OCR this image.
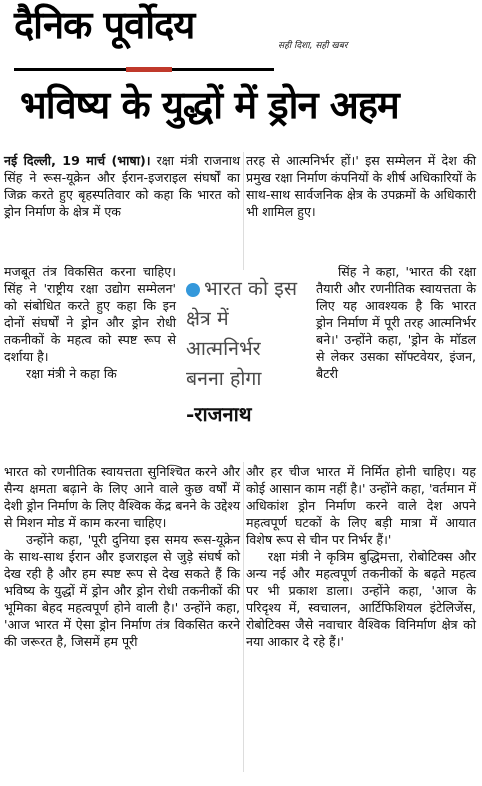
दैनिक पूर्वोदय	सही दिशा, सही खबर
भविष्य के युद्धों में ड्रोन अहम

नई दिल्ली, 19 मार्च (भाषा)। रक्षा मंत्री राजनाथ सिंह ने रूस-यूक्रेन और ईरान-इजराइल संघर्षों का जिक्र करते हुए बृहस्पतिवार को कहा कि भारत को ड्रोन निर्माण के क्षेत्र में एक

तरह से आत्मनिर्भर हों।' इस सम्मेलन में देश की प्रमुख रक्षा निर्माण कंपनियों के शीर्ष अधिकारियों के साथ-साथ सार्वजनिक क्षेत्र के उपक्रमों के अधिकारी भी शामिल हुए।

मजबूत तंत्र विकसित करना चाहिए। सिंह ने 'राष्ट्रीय रक्षा उद्योग सम्मेलन' को संबोधित करते हुए कहा कि इन दोनों संघर्षों ने ड्रोन और ड्रोन रोधी तकनीकों के महत्व को स्पष्ट रूप से दर्शाया है।

रक्षा मंत्री ने कहा कि

भारत को इस क्षेत्र में आत्मनिर्भर बनना होगा
-राजनाथ

सिंह ने कहा, 'भारत की रक्षा तैयारी और रणनीतिक स्वायत्तता के लिए यह आवश्यक है कि भारत ड्रोन निर्माण में पूरी तरह आत्मनिर्भर बने।' उन्होंने कहा, 'ड्रोन के मॉडल से लेकर उसका सॉफ्टवेयर, इंजन, बैटरी

भारत को रणनीतिक स्वायत्तता सुनिश्चित करने और सैन्य क्षमता बढ़ाने के लिए आने वाले कुछ वर्षों में देशी ड्रोन निर्माण के लिए वैश्विक केंद्र बनने के उद्देश्य से मिशन मोड में काम करना चाहिए।

उन्होंने कहा, 'पूरी दुनिया इस समय रूस-यूक्रेन के साथ-साथ ईरान और इजराइल से जुड़े संघर्ष को देख रही है और हम स्पष्ट रूप से देख सकते हैं कि भविष्य के युद्धों में ड्रोन और ड्रोन रोधी तकनीकों की भूमिका बेहद महत्वपूर्ण होने वाली है।' उन्होंने कहा, 'आज भारत में ऐसा ड्रोन निर्माण तंत्र विकसित करने की जरूरत है, जिसमें हम पूरी

और हर चीज भारत में निर्मित होनी चाहिए। यह कोई आसान काम नहीं है।' उन्होंने कहा, 'वर्तमान में अधिकांश ड्रोन निर्माण करने वाले देश अपने महत्वपूर्ण घटकों के लिए बड़ी मात्रा में आयात विशेष रूप से चीन पर निर्भर हैं।'

रक्षा मंत्री ने कृत्रिम बुद्धिमत्ता, रोबोटिक्स और अन्य नई और महत्वपूर्ण तकनीकों के बढ़ते महत्व पर भी प्रकाश डाला। उन्होंने कहा, 'आज के परिदृश्य में, स्वचालन, आर्टिफिशियल इंटेलिजेंस, रोबोटिक्स जैसे नवाचार वैश्विक विनिर्माण क्षेत्र को नया आकार दे रहे हैं।'
